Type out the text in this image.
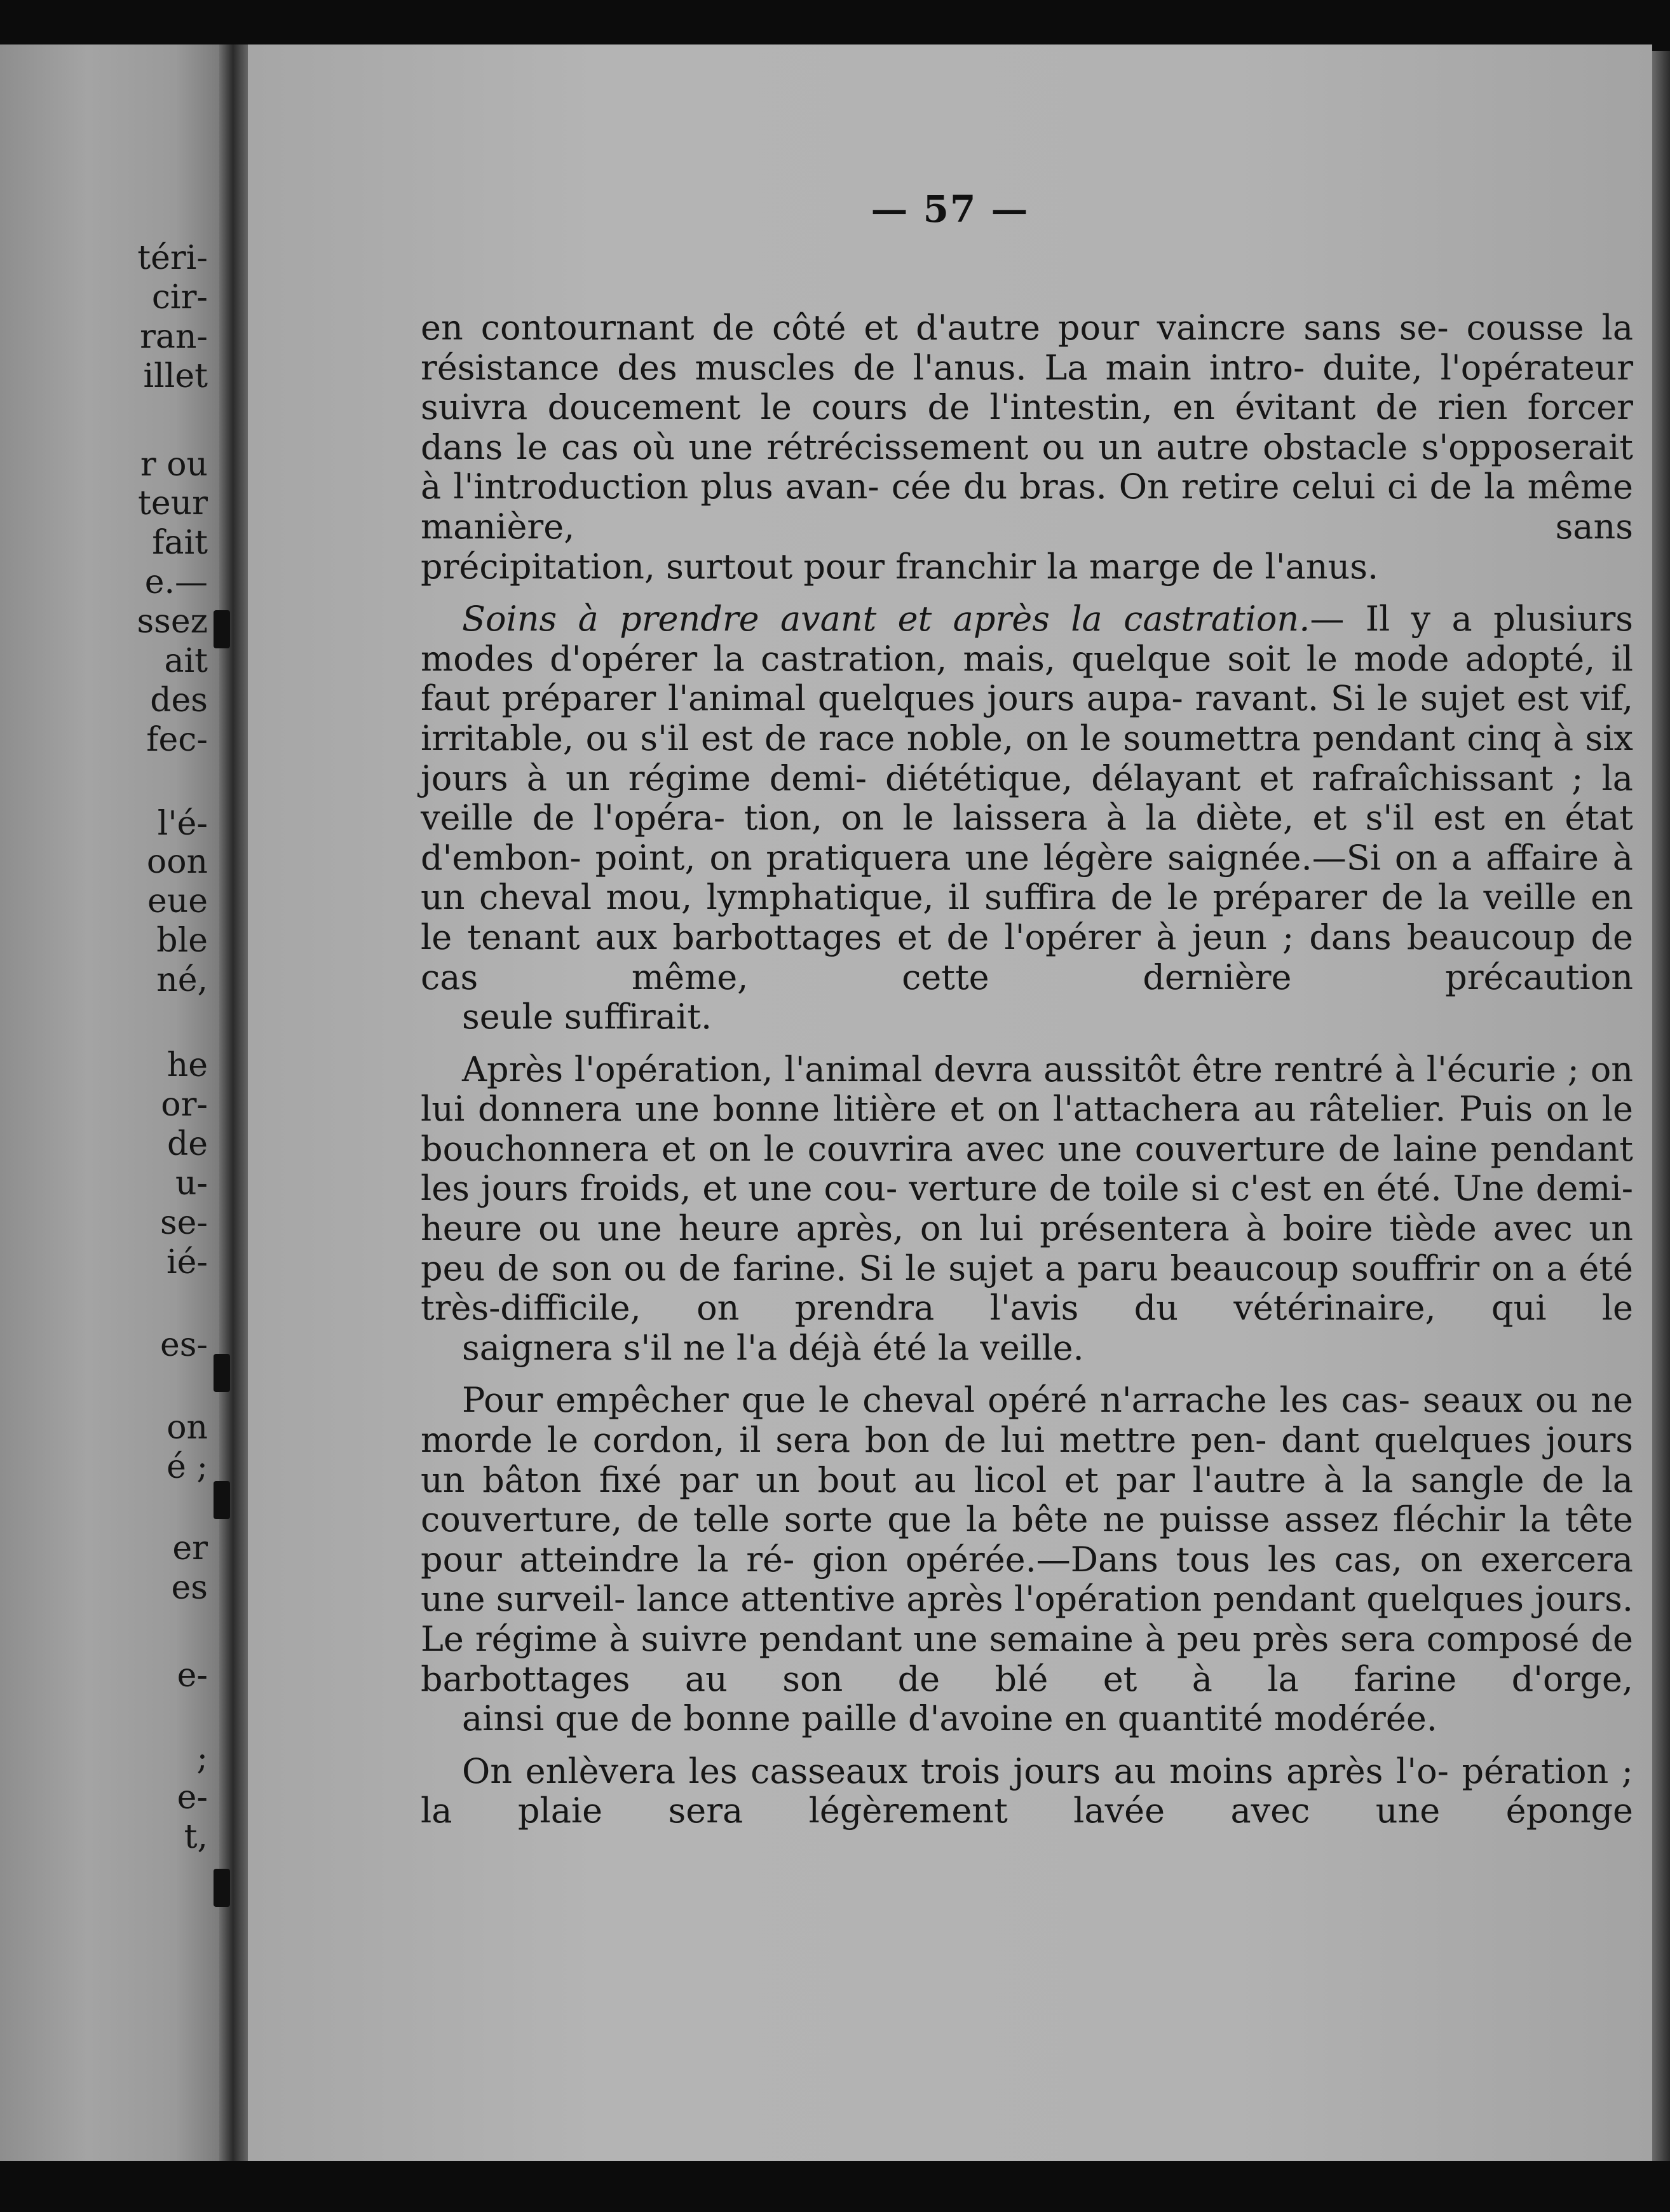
téri-
cir-
ran-
illet
r ou
teur
fait
e.—
ssez
ait
des
fec-
l'é-
oon
eue
ble
né,
he
or-
de
u-
se-
ié-
es-
on
é ;
er
es
e-
;
e-
t,
— 57 —

en contournant de côté et d'autre pour vaincre sans se- cousse la résistance des muscles de l'anus. La main intro- duite, l'opérateur suivra doucement le cours de l'intestin, en évitant de rien forcer dans le cas où une rétrécissement ou un autre obstacle s'opposerait à l'introduction plus avan- cée du bras. On retire celui ci de la même manière, sans
précipitation, surtout pour franchir la marge de l'anus.

Soins à prendre avant et après la castration.— Il y a plusiurs modes d'opérer la castration, mais, quelque soit le mode adopté, il faut préparer l'animal quelques jours aupa- ravant. Si le sujet est vif, irritable, ou s'il est de race noble, on le soumettra pendant cinq à six jours à un régime demi- diététique, délayant et rafraîchissant ; la veille de l'opéra- tion, on le laissera à la diète, et s'il est en état d'embon- point, on pratiquera une légère saignée.—Si on a affaire à un cheval mou, lymphatique, il suffira de le préparer de la veille en le tenant aux barbottages et de l'opérer à jeun ; dans beaucoup de cas même, cette dernière précaution
seule suffirait.

Après l'opération, l'animal devra aussitôt être rentré à l'écurie ; on lui donnera une bonne litière et on l'attachera au râtelier. Puis on le bouchonnera et on le couvrira avec une couverture de laine pendant les jours froids, et une cou- verture de toile si c'est en été. Une demi-heure ou une heure après, on lui présentera à boire tiède avec un peu de son ou de farine. Si le sujet a paru beaucoup souffrir on a été très-difficile, on prendra l'avis du vétérinaire, qui le
saignera s'il ne l'a déjà été la veille.

Pour empêcher que le cheval opéré n'arrache les cas- seaux ou ne morde le cordon, il sera bon de lui mettre pen- dant quelques jours un bâton fixé par un bout au licol et par l'autre à la sangle de la couverture, de telle sorte que la bête ne puisse assez fléchir la tête pour atteindre la ré- gion opérée.—Dans tous les cas, on exercera une surveil- lance attentive après l'opération pendant quelques jours. Le régime à suivre pendant une semaine à peu près sera composé de barbottages au son de blé et à la farine d'orge,
ainsi que de bonne paille d'avoine en quantité modérée.

On enlèvera les casseaux trois jours au moins après l'o- pération ; la plaie sera légèrement lavée avec une éponge
